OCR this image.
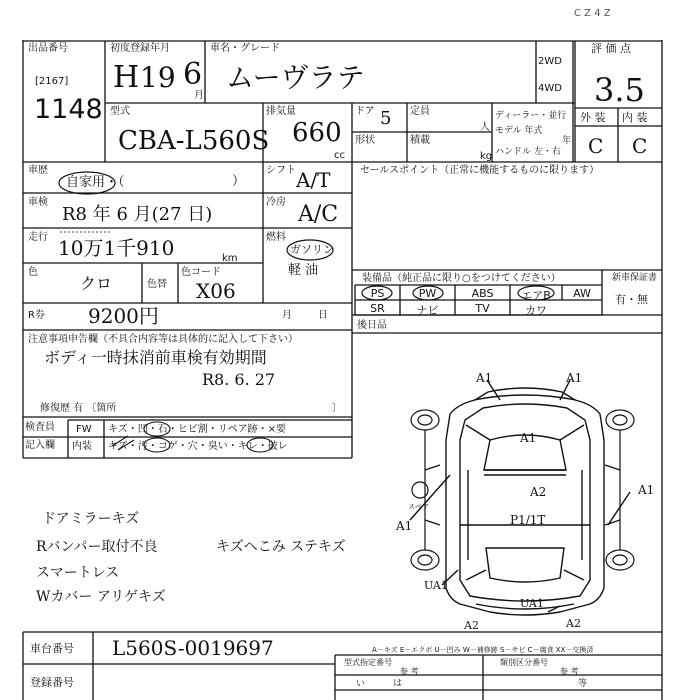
C Z 4 Z
出品番号
[2167]
1148
初度登録年月
H 19 6
月
車名・グレード
ムーヴラテ	2WD
4WD
評 価 点
3.5
型式
CBA-L560S
排気量
660
cc
ドア 5
形状
定員
人
積載
kg
ディーラー・並行
モデル 年式
年
ハンドル 左・右
外 装 内 装
C C
車歴
自家用・（	）
シフト A/T
車検
R8 年 6 月(27 日)
冷房 A/C
走行 10万1千910	km
燃料
ガソリン
軽 油
色
クロ	色替
色コード
X06
R券 9200円	月	日
セールスポイント（正常に機能するものに限ります）
装備品（純正品に限り○をつけてください）	新車保証書
有・無
PS	PW	ABS	エアB	AW
SR	ナビ	TV	カワ
後日品
注意事項申告欄（不具合内容等は具体的に記入して下さい）
ボディ一時抹消前車検有効期間
R8. 6. 27
修復歴 有 〔箇所	〕
検査員
記入欄
FW キズ・凹・石・ヒビ割・リペア跡・×要
内装 キズ・汚・コゲ・穴・臭い・キレ・破レ
ドアミラーキズ
Rバンパー取付不良	キズへこみ ステキズ
スマートレス
Wカバー アリゲキズ
A1	A1
A1
A2
P1/1T
A1
A1
UA1
UA1
A2
A2
スペア
A－キズ E－エクボ U－凹み W－補修跡 S－サビ C－腐食 XX－交換済
車台番号 L560S-0019697
登録番号
型式指定番号
参 考
類別区分番号
参 考
い	は	等
